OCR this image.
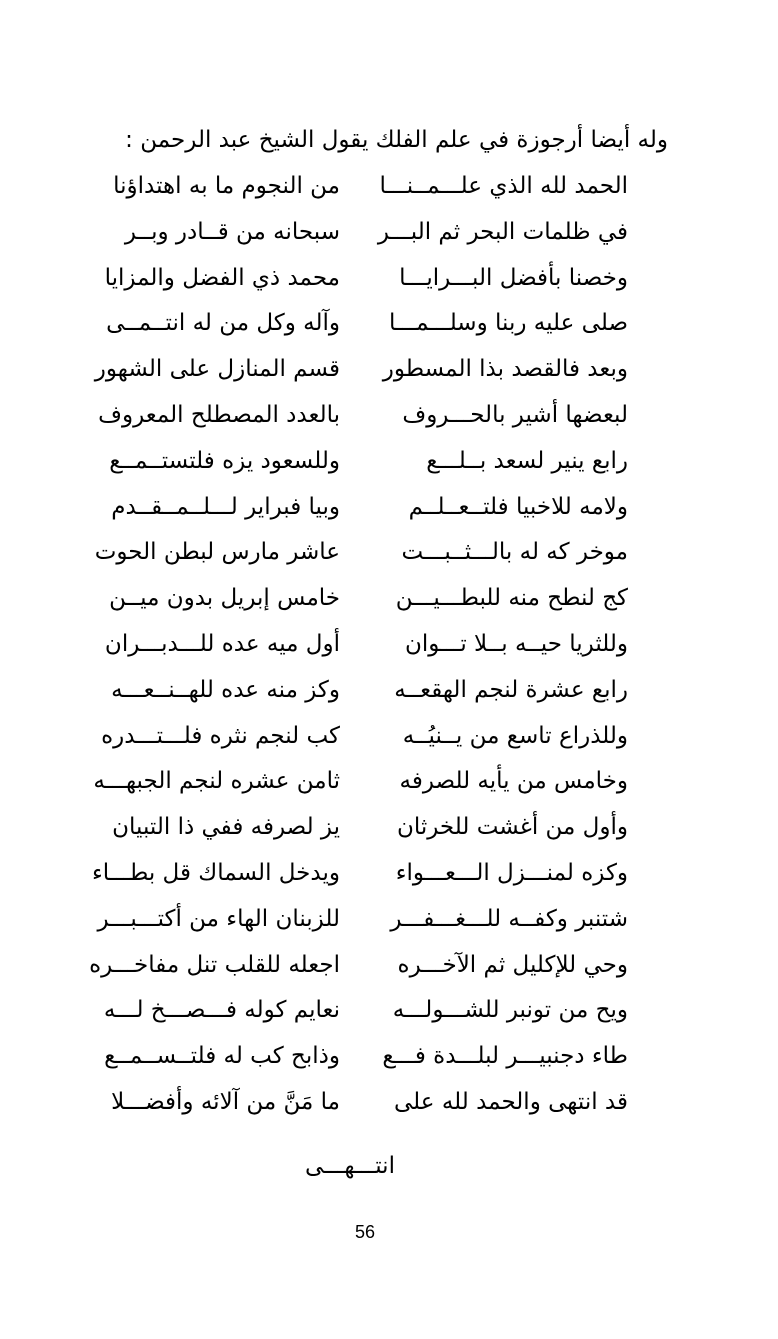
وله أيضا أرجوزة في علم الفلك يقول الشيخ عبد الرحمن :
الحمد لله الذي علـــمــنـــا
من النجوم ما به اهتداؤنا
في ظلمات البحر ثم البـــر
سبحانه من قــادر وبــر
وخصنا بأفضل البـــرايـــا
محمد ذي الفضل والمزايا
صلى عليه ربنا وسلـــمـــا
وآله وكل من له انتــمــى
وبعد فالقصد بذا المسطور
قسم المنازل على الشهور
لبعضها أشير بالحـــروف
بالعدد المصطلح المعروف
رابع ينير لسعد بــلـــع
وللسعود يزه فلتستــمــع
ولامه للاخبيا فلتــعــلــم
وبيا فبراير لـــلــمــقــدم
موخر كه له بالـــثــبـــت
عاشر مارس لبطن الحوت
كج لنطح منه للبطـــيـــن
خامس إبريل بدون ميــن
وللثريا حيــه بــلا تـــوان
أول ميه عده للـــدبـــران
رابع عشرة لنجم الهقعــه
وكز منه عده للهــنــعـــه
وللذراع تاسع من يــنيُــه
كب لنجم نثره فلـــتـــدره
وخامس من يأيه للصرفه
ثامن عشره لنجم الجبهـــه
وأول من أغشت للخرثان
يز لصرفه ففي ذا التبيان
وكزه لمنـــزل الـــعـــواء
ويدخل السماك قل بطـــاء
شتنبر وكفــه للـــغـــفـــر
للزبنان الهاء من أكتـــبـــر
وحي للإكليل ثم الآخـــره
اجعله للقلب تنل مفاخـــره
ويح من تونبر للشـــولـــه
نعايم كوله فـــصـــخ لـــه
طاء دجنبيـــر لبلـــدة فـــع
وذابح كب له فلتــســمــع
قد انتهى والحمد لله على
ما مَنَّ من آلائه وأفضـــلا
انتـــهـــى
56
